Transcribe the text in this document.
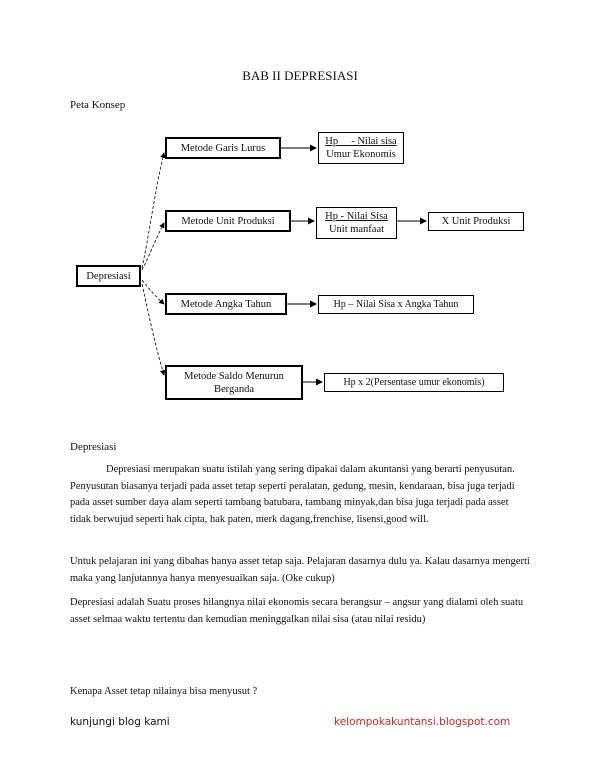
BAB II DEPRESIASI
Peta Konsep
Depresiasi
Metode Garis Lurus
Metode Unit Produksi
Metode Angka Tahun
Metode Saldo Menurun Berganda
Hp     - Nilai sisa
Umur Ekonomis
Hp - Nilai Sisa
Unit manfaat
X Unit Produksi
Hp – Nilai Sisa x Angka Tahun
Hp x 2(Persentase umur ekonomis)
Depresiasi
Depresiasi merupakan suatu istilah yang sering dipakai dalam akuntansi yang berarti penyusutan. Penyusutan biasanya terjadi pada asset tetap seperti peralatan, gedung, mesin, kendaraan, bisa juga terjadi pada asset sumber daya alam seperti tambang batubara, tambang minyak,dan bisa juga terjadi pada asset tidak berwujud seperti hak cipta, hak paten, merk dagang,frenchise, lisensi,good will.
Untuk pelajaran ini yang dibahas hanya asset tetap saja. Pelajaran dasarnya dulu ya. Kalau dasarnya mengerti maka yang lanjutannya hanya menyesuaikan saja. (Oke cukup)
Depresiasi adalah Suatu proses hilangnya nilai ekonomis secara berangsur – angsur yang dialami oleh suatu asset selmaa waktu tertentu dan kemudian meninggalkan nilai sisa (atau nilai residu)
Kenapa Asset tetap nilainya bisa menyusut ?
kunjungi blog kami	kelompokakuntansi.blogspot.com
